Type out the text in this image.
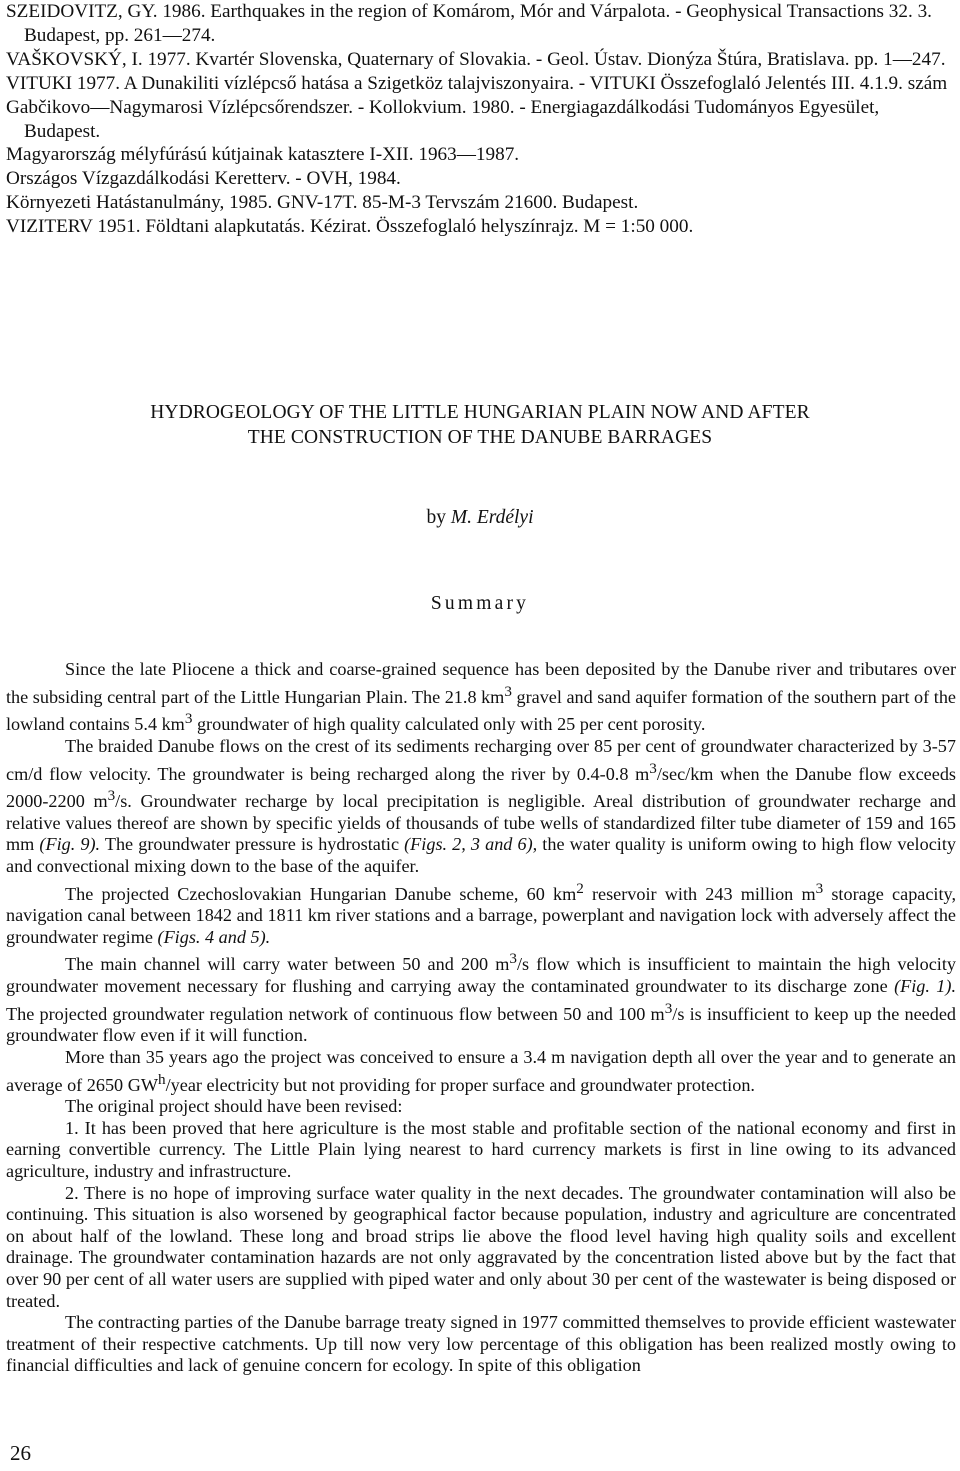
SZEIDOVITZ, GY. 1986. Earthquakes in the region of Komárom, Mór and Várpalota. - Geophysical Transactions 32. 3. Budapest, pp. 261—274.
VAŠKOVSKÝ, I. 1977. Kvartér Slovenska, Quaternary of Slovakia. - Geol. Ústav. Dionýza Štúra, Bratislava. pp. 1—247.
VITUKI 1977. A Dunakiliti vízlépcső hatása a Szigetköz talajviszonyaira. - VITUKI Összefoglaló Jelentés III. 4.1.9. szám
Gabčikovo—Nagymarosi Vízlépcsőrendszer. - Kollokvium. 1980. - Energiagazdálkodási Tudományos Egyesület, Budapest.
Magyarország mélyfúrású kútjainak katasztere I-XII. 1963—1987.
Országos Vízgazdálkodási Keretterv. - OVH, 1984.
Környezeti Hatástanulmány, 1985. GNV-17T. 85-M-3 Tervszám 21600. Budapest.
VIZITERV 1951. Földtani alapkutatás. Kézirat. Összefoglaló helyszínrajz. M = 1:50 000.
HYDROGEOLOGY OF THE LITTLE HUNGARIAN PLAIN NOW AND AFTER
THE CONSTRUCTION OF THE DANUBE BARRAGES
by M. Erdélyi
Summary

Since the late Pliocene a thick and coarse-grained sequence has been deposited by the Danube river and tributares over the subsiding central part of the Little Hungarian Plain. The 21.8 $km^3$ gravel and sand aquifer formation of the southern part of the lowland contains 5.4 $km^3$ groundwater of high quality calculated only with 25 per cent porosity.

The braided Danube flows on the crest of its sediments recharging over 85 per cent of groundwater characterized by 3-57 cm/d flow velocity. The groundwater is being recharged along the river by 0.4-0.8 $m^3/\sec/km$ when the Danube flow exceeds 2000-2200 $m^3/s$. Groundwater recharge by local precipitation is negligible. Areal distribution of groundwater recharge and relative values thereof are shown by specific yields of thousands of tube wells of standardized filter tube diameter of 159 and 165 mm (Fig. 9). The groundwater pressure is hydrostatic (Figs. 2, 3 and 6), the water quality is uniform owing to high flow velocity and convectional mixing down to the base of the aquifer.

The projected Czechoslovakian Hungarian Danube scheme, 60 $km^2$ reservoir with 243 million $m^3$ storage capacity, navigation canal between 1842 and 1811 km river stations and a barrage, powerplant and navigation lock with adversely affect the groundwater regime (Figs. 4 and 5).

The main channel will carry water between 50 and 200 $m^3/s$ flow which is insufficient to maintain the high velocity groundwater movement necessary for flushing and carrying away the contaminated groundwater to its discharge zone (Fig. 1). The projected groundwater regulation network of continuous flow between 50 and 100 $m^3/s$ is insufficient to keep up the needed groundwater flow even if it will function.

More than 35 years ago the project was conceived to ensure a 3.4 m navigation depth all over the year and to generate an average of 2650 $GW^h$/year electricity but not providing for proper surface and groundwater protection.

The original project should have been revised:

1. It has been proved that here agriculture is the most stable and profitable section of the national economy and first in earning convertible currency. The Little Plain lying nearest to hard currency markets is first in line owing to its advanced agriculture, industry and infrastructure.

2. There is no hope of improving surface water quality in the next decades. The groundwater contamination will also be continuing. This situation is also worsened by geographical factor because population, industry and agriculture are concentrated on about half of the lowland. These long and broad strips lie above the flood level having high quality soils and excellent drainage. The groundwater contamination hazards are not only aggravated by the concentration listed above but by the fact that over 90 per cent of all water users are supplied with piped water and only about 30 per cent of the wastewater is being disposed or treated.

The contracting parties of the Danube barrage treaty signed in 1977 committed themselves to provide efficient wastewater treatment of their respective catchments. Up till now very low percentage of this obligation has been realized mostly owing to financial difficulties and lack of genuine concern for ecology. In spite of this obligation

26
